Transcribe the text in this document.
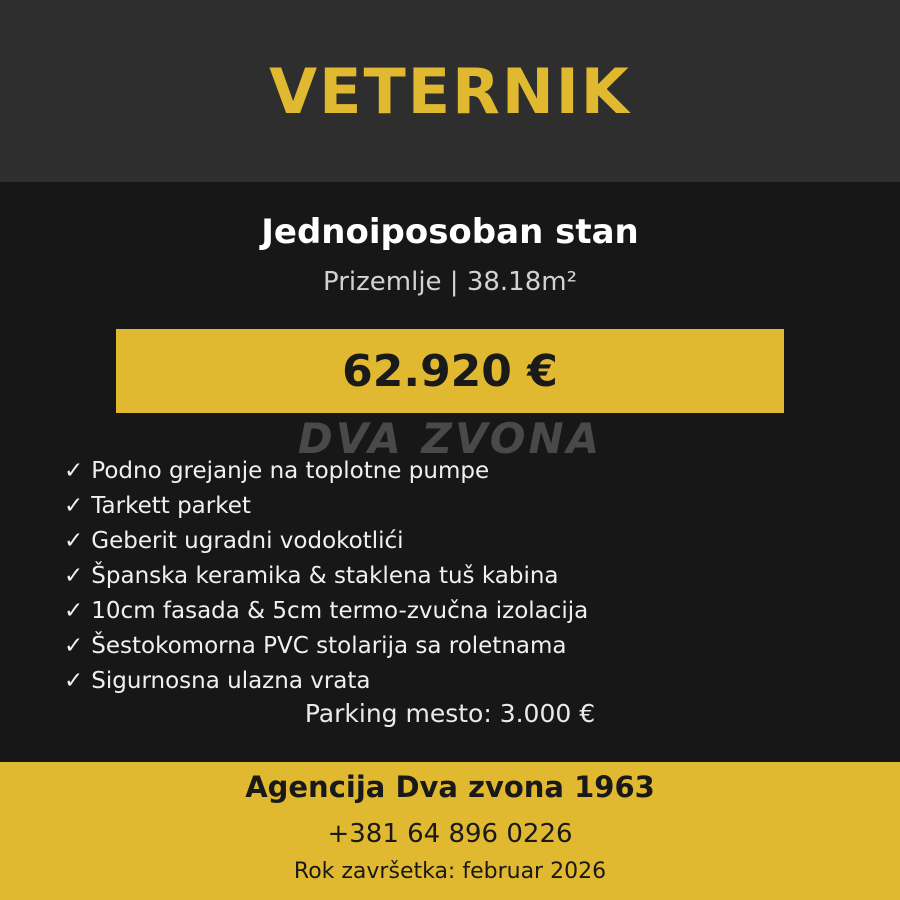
VETERNIK
Jednoiposoban stan
Prizemlje | 38.18m²
62.920 €
DVA ZVONA
✓ Podno grejanje na toplotne pumpe
✓ Tarkett parket
✓ Geberit ugradni vodokotlići
✓ Španska keramika & staklena tuš kabina
✓ 10cm fasada & 5cm termo-zvučna izolacija
✓ Šestokomorna PVC stolarija sa roletnama
✓ Sigurnosna ulazna vrata
Parking mesto: 3.000 €
Agencija Dva zvona 1963
+381 64 896 0226
Rok završetka: februar 2026
